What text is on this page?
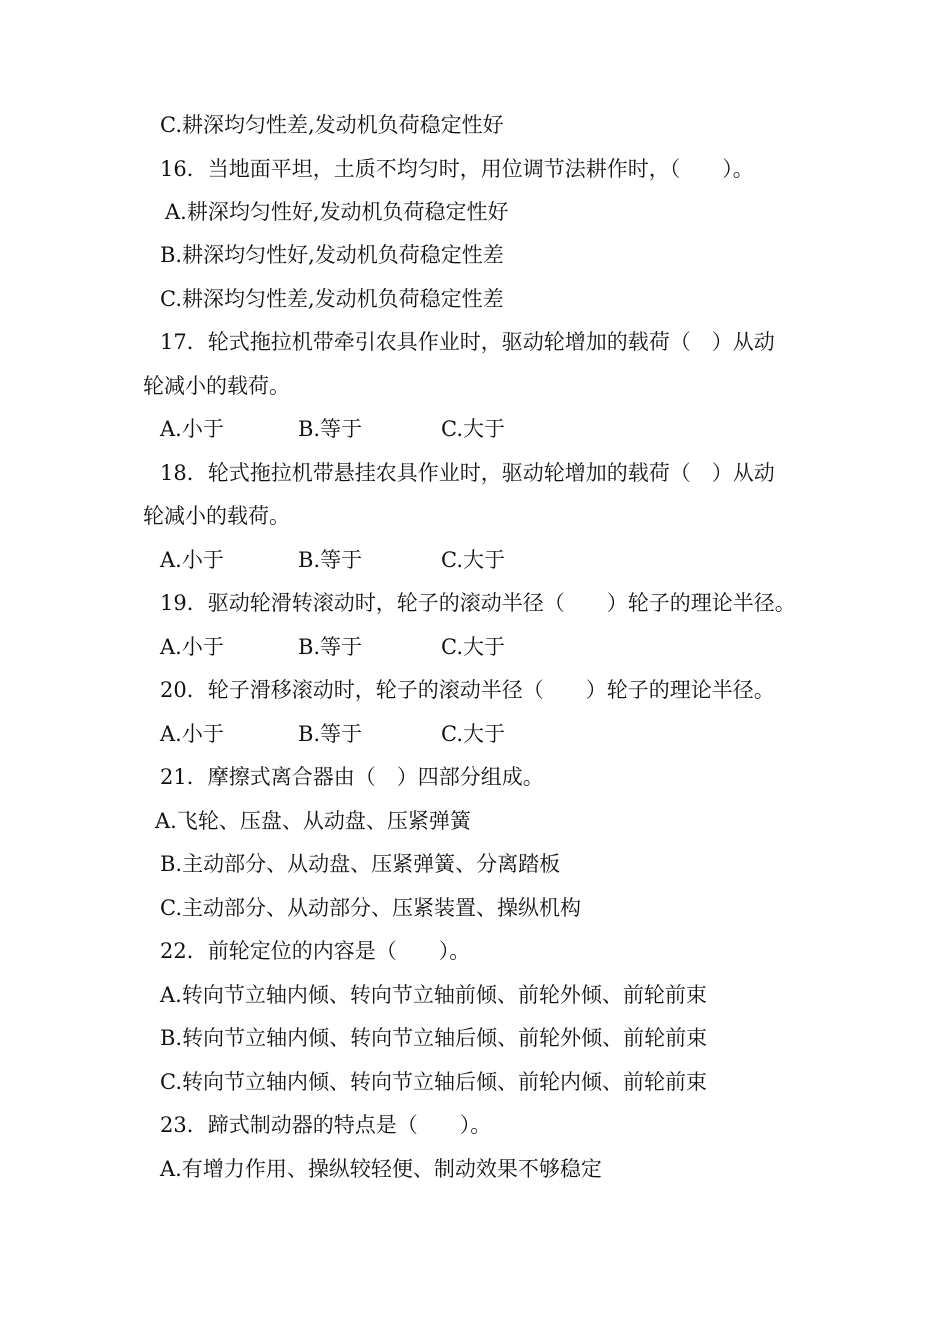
C.耕深均匀性差,发动机负荷稳定性好
16．当地面平坦，土质不均匀时，用位调节法耕作时，（　　）。
A.耕深均匀性好,发动机负荷稳定性好
B.耕深均匀性好,发动机负荷稳定性差
C.耕深均匀性差,发动机负荷稳定性差
17．轮式拖拉机带牵引农具作业时，驱动轮增加的载荷（　）从动
轮减小的载荷。
A.小于	B.等于	C.大于
18．轮式拖拉机带悬挂农具作业时，驱动轮增加的载荷（　）从动
轮减小的载荷。
A.小于	B.等于	C.大于
19．驱动轮滑转滚动时，轮子的滚动半径（　　）轮子的理论半径。
A.小于	B.等于	C.大于
20．轮子滑移滚动时，轮子的滚动半径（　　）轮子的理论半径。
A.小于	B.等于	C.大于
21．摩擦式离合器由（　）四部分组成。
A.飞轮、压盘、从动盘、压紧弹簧
B.主动部分、从动盘、压紧弹簧、分离踏板
C.主动部分、从动部分、压紧装置、操纵机构
22．前轮定位的内容是（　　）。
A.转向节立轴内倾、转向节立轴前倾、前轮外倾、前轮前束
B.转向节立轴内倾、转向节立轴后倾、前轮外倾、前轮前束
C.转向节立轴内倾、转向节立轴后倾、前轮内倾、前轮前束
23．蹄式制动器的特点是（　　）。
A.有增力作用、操纵较轻便、制动效果不够稳定
